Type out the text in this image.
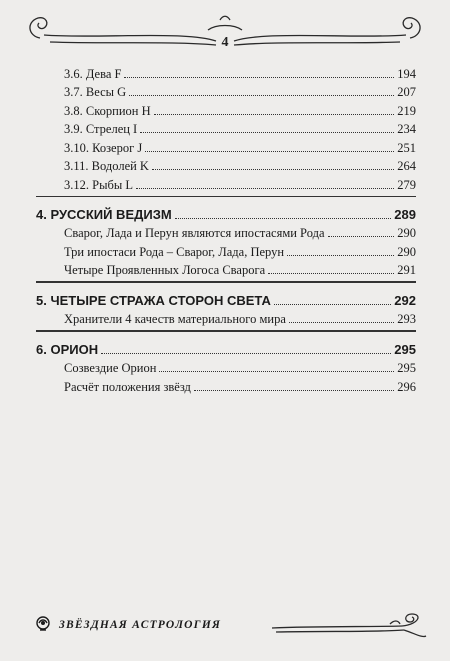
4
3.6. Дева F	194
3.7. Весы G	207
3.8. Скорпион H	219
3.9. Стрелец I	234
3.10. Козерог J	251
3.11. Водолей K	264
3.12. Рыбы L	279
4. РУССКИЙ ВЕДИЗМ	289
Сварог, Лада и Перун являются ипостасями Рода	290
Три ипостаси Рода – Сварог, Лада, Перун	290
Четыре Проявленных Логоса Сварога	291
5. ЧЕТЫРЕ СТРАЖА СТОРОН СВЕТА	292
Хранители 4 качеств материального мира	293
6. ОРИОН	295
Созвездие Орион	295
Расчёт положения звёзд	296
ЗВЁЗДНАЯ АСТРОЛОГИЯ
